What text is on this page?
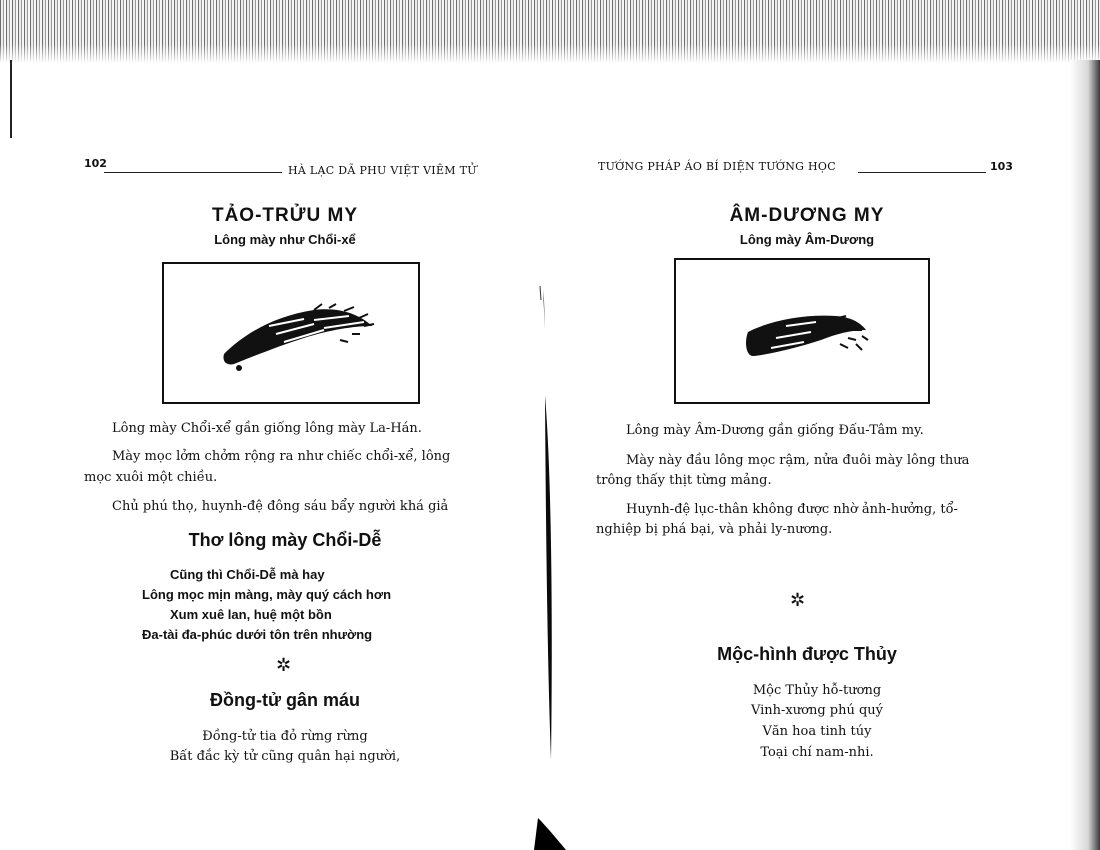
102
HÀ LẠC DÃ PHU VIỆT VIÊM TỬ
TẢO-TRỬU MY
Lông mày như Chổi-xể
Lông mày Chổi-xể gần giống lông mày La-Hán.
Mày mọc lởm chởm rộng ra như chiếc chổi-xể, lông
mọc xuôi một chiều.
Chủ phú thọ, huynh-đệ đông sáu bẩy người khá giả
Thơ lông mày Chổi-Dễ
Cũng thì Chổi-Dễ mà hay
Lông mọc mịn màng, mày quý cách hơn
Xum xuê lan, huệ một bồn
Đa-tài đa-phúc dưới tôn trên nhường
✲
Đồng-tử gân máu
Đồng-tử tia đỏ rừng rừng
Bất đắc kỳ tử cũng quân hại người,
TƯỚNG PHÁP ÁO BÍ DIỆN TƯỚNG HỌC	103
ÂM-DƯƠNG MY
Lông mày Âm-Dương
Lông mày Âm-Dương gần giống Đấu-Tâm my.
Mày này đầu lông mọc rậm, nửa đuôi mày lông thưa
trông thấy thịt từng mảng.
Huynh-đệ lục-thân không được nhờ ảnh-hưởng, tổ-
nghiệp bị phá bại, và phải ly-nương.
✲
Mộc-hình được Thủy
Mộc Thủy hỗ-tương
Vinh-xương phú quý
Văn hoa tinh túy
Toại chí nam-nhi.
